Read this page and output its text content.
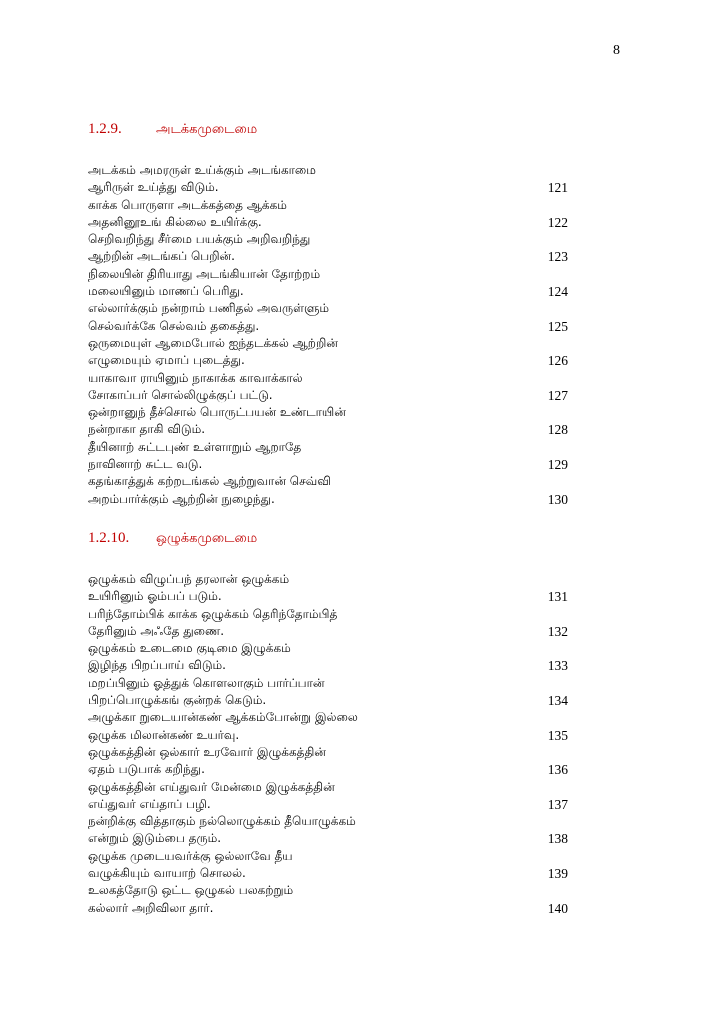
8
1.2.9.	அடக்கமுடைமை
அடக்கம் அமரருள் உய்க்கும் அடங்காமை
ஆரிருள் உய்த்து விடும்.	121
காக்க பொருளா அடக்கத்தை ஆக்கம்
அதனினூஉங் கில்லை உயிர்க்கு.	122
செறிவறிந்து சீர்மை பயக்கும் அறிவறிந்து
ஆற்றின் அடங்கப் பெறின்.	123
நிலையின் திரியாது அடங்கியான் தோற்றம்
மலையினும் மாணப் பெரிது.	124
எல்லார்க்கும் நன்றாம் பணிதல் அவருள்ளும்
செல்வர்க்கே செல்வம் தகைத்து.	125
ஒருமையுள் ஆமைபோல் ஐந்தடக்கல் ஆற்றின்
எழுமையும் ஏமாப் புடைத்து.	126
யாகாவா ராயினும் நாகாக்க காவாக்கால்
சோகாப்பர் சொல்லிழுக்குப் பட்டு.	127
ஒன்றானுந் தீச்சொல் பொருட்பயன் உண்டாயின்
நன்றாகா தாகி விடும்.	128
தீயினாற் சுட்டபுண் உள்ளாறும் ஆறாதே
நாவினாற் சுட்ட வடு.	129
கதங்காத்துக் கற்றடங்கல் ஆற்றுவான் செவ்வி
அறம்பார்க்கும் ஆற்றின் நுழைந்து.	130
1.2.10. ஒழுக்கமுடைமை
ஒழுக்கம் விழுப்பந் தரலான் ஒழுக்கம்
உயிரினும் ஓம்பப் படும்.	131
பரிந்தோம்பிக் காக்க ஒழுக்கம் தெரிந்தோம்பித்
தேரினும் அஃதே துணை.	132
ஒழுக்கம் உடைமை குடிமை இழுக்கம்
இழிந்த பிறப்பாய் விடும்.	133
மறப்பினும் ஓத்துக் கொளலாகும் பார்ப்பான்
பிறப்பொழுக்கங் குன்றக் கெடும்.	134
அழுக்கா றுடையான்கண் ஆக்கம்போன்று இல்லை
ஒழுக்க மிலான்கண் உயர்வு.	135
ஒழுக்கத்தின் ஒல்கார் உரவோர் இழுக்கத்தின்
ஏதம் படுபாக் கறிந்து.	136
ஒழுக்கத்தின் எய்துவர் மேன்மை இழுக்கத்தின்
எய்துவர் எய்தாப் பழி.	137
நன்றிக்கு வித்தாகும் நல்லொழுக்கம் தீயொழுக்கம்
என்றும் இடும்பை தரும்.	138
ஒழுக்க முடையவர்க்கு ஒல்லாவே தீய
வழுக்கியும் வாயாற் சொலல்.	139
உலகத்தோடு ஒட்ட ஒழுகல் பலகற்றும்
கல்லார் அறிவிலா தார்.	140
